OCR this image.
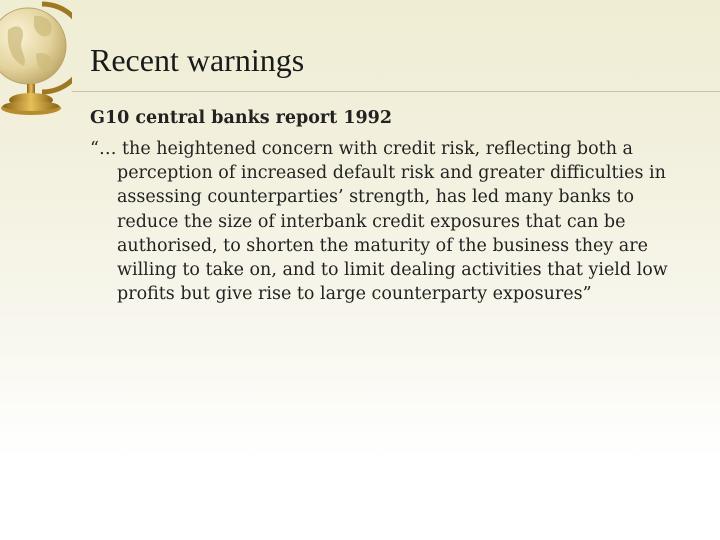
Recent warnings

G10 central banks report 1992

“… the heightened concern with credit risk, reflecting both a
perception of increased default risk and greater difficulties in
assessing counterparties’ strength, has led many banks to
reduce the size of interbank credit exposures that can be
authorised, to shorten the maturity of the business they are
willing to take on, and to limit dealing activities that yield low
profits but give rise to large counterparty exposures”
